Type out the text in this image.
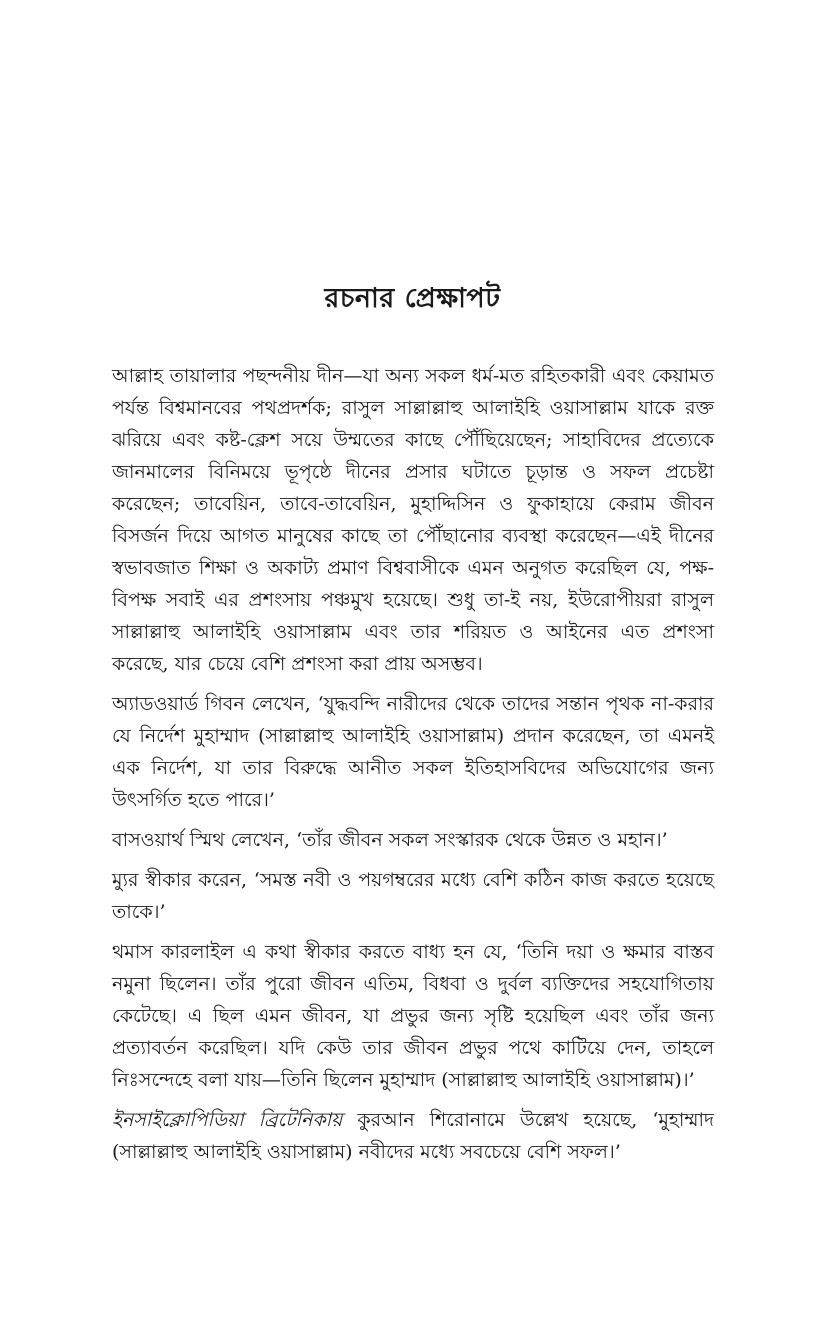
রচনার প্রেক্ষাপট

আল্লাহ তায়ালার পছন্দনীয় দীন—যা অন্য সকল ধর্ম-মত রহিতকারী এবং কেয়ামত পর্যন্ত বিশ্বমানবের পথপ্রদর্শক; রাসুল সাল্লাল্লাহু আলাইহি ওয়াসাল্লাম যাকে রক্ত ঝরিয়ে এবং কষ্ট-ক্লেশ সয়ে উম্মতের কাছে পৌঁছিয়েছেন; সাহাবিদের প্রত্যেকে জানমালের বিনিময়ে ভূপৃষ্ঠে দীনের প্রসার ঘটাতে চূড়ান্ত ও সফল প্রচেষ্টা করেছেন; তাবেয়িন, তাবে-তাবেয়িন, মুহাদ্দিসিন ও ফুকাহায়ে কেরাম জীবন বিসর্জন দিয়ে আগত মানুষের কাছে তা পৌঁছানোর ব্যবস্থা করেছেন—এই দীনের স্বভাবজাত শিক্ষা ও অকাট্য প্রমাণ বিশ্ববাসীকে এমন অনুগত করেছিল যে, পক্ষ-বিপক্ষ সবাই এর প্রশংসায় পঞ্চমুখ হয়েছে। শুধু তা-ই নয়, ইউরোপীয়রা রাসুল সাল্লাল্লাহু আলাইহি ওয়াসাল্লাম এবং তার শরিয়ত ও আইনের এত প্রশংসা করেছে, যার চেয়ে বেশি প্রশংসা করা প্রায় অসম্ভব।

অ্যাডওয়ার্ড গিবন লেখেন, ‘যুদ্ধবন্দি নারীদের থেকে তাদের সন্তান পৃথক না-করার যে নির্দেশ মুহাম্মাদ (সাল্লাল্লাহু আলাইহি ওয়াসাল্লাম) প্রদান করেছেন, তা এমনই এক নির্দেশ, যা তার বিরুদ্ধে আনীত সকল ইতিহাসবিদের অভিযোগের জন্য উৎসর্গিত হতে পারে।’

বাসওয়ার্থ স্মিথ লেখেন, ‘তাঁর জীবন সকল সংস্কারক থেকে উন্নত ও মহান।’

ম্যুর স্বীকার করেন, ‘সমস্ত নবী ও পয়গম্বরের মধ্যে বেশি কঠিন কাজ করতে হয়েছে তাকে।’

থমাস কারলাইল এ কথা স্বীকার করতে বাধ্য হন যে, ‘তিনি দয়া ও ক্ষমার বাস্তব নমুনা ছিলেন। তাঁর পুরো জীবন এতিম, বিধবা ও দুর্বল ব্যক্তিদের সহযোগিতায় কেটেছে। এ ছিল এমন জীবন, যা প্রভুর জন্য সৃষ্টি হয়েছিল এবং তাঁর জন্য প্রত্যাবর্তন করেছিল। যদি কেউ তার জীবন প্রভুর পথে কাটিয়ে দেন, তাহলে নিঃসন্দেহে বলা যায়—তিনি ছিলেন মুহাম্মাদ (সাল্লাল্লাহু আলাইহি ওয়াসাল্লাম)।’

ইনসাইক্লোপিডিয়া ব্রিটেনিকায় কুরআন শিরোনামে উল্লেখ হয়েছে, ‘মুহাম্মাদ (সাল্লাল্লাহু আলাইহি ওয়াসাল্লাম) নবীদের মধ্যে সবচেয়ে বেশি সফল।’
